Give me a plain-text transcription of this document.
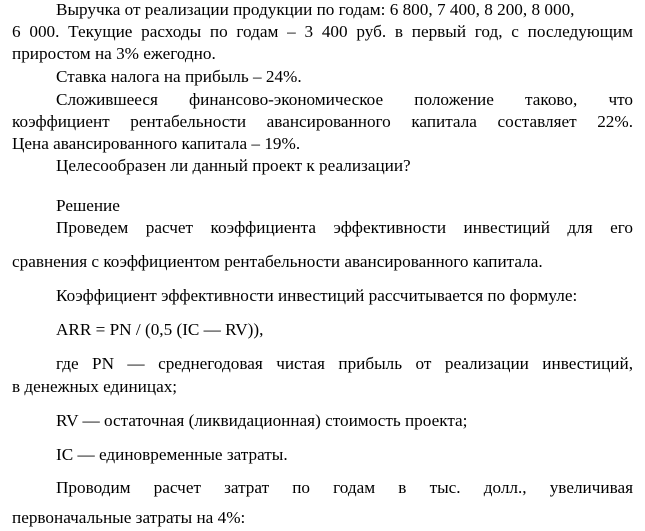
Выручка от реализации продукции по годам: 6 800, 7 400, 8 200, 8 000,
6 000. Текущие расходы по годам – 3 400 руб. в первый год, с последующим
приростом на 3% ежегодно.
Ставка налога на прибыль – 24%.
Сложившееся финансово-экономическое положение таково, что
коэффициент рентабельности авансированного капитала составляет 22%.
Цена авансированного капитала – 19%.
Целесообразен ли данный проект к реализации?
Решение
Проведем расчет коэффициента эффективности инвестиций для его
сравнения с коэффициентом рентабельности авансированного капитала.
Коэффициент эффективности инвестиций рассчитывается по формуле:
ARR = PN / (0,5 (IC — RV)),
где PN — среднегодовая чистая прибыль от реализации инвестиций,
в денежных единицах;
RV — остаточная (ликвидационная) стоимость проекта;
IC — единовременные затраты.
Проводим расчет затрат по годам в тыс. долл., увеличивая
первоначальные затраты на 4%:
